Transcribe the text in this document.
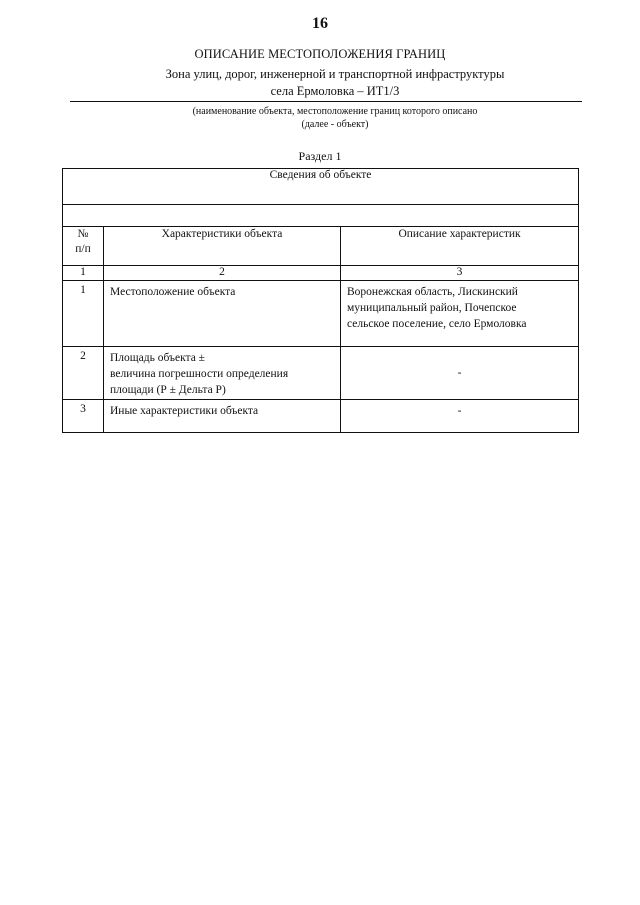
16
ОПИСАНИЕ МЕСТОПОЛОЖЕНИЯ ГРАНИЦ
Зона улиц, дорог, инженерной и транспортной инфраструктуры
села Ермоловка – ИТ1/3
(наименование объекта, местоположение границ которого описано
(далее - объект)
Раздел 1
Сведения об объекте		

№
п/п	Характеристики объекта	Описание характеристик
1	2	3
1	Местоположение объекта	Воронежская область, Лискинский
муниципальный район, Почепское
сельское поселение, село Ермоловка

2	Площадь объекта ±
величина погрешности определения
площади (Р ± Дельта Р)	-
3	Иные характеристики объекта	-
